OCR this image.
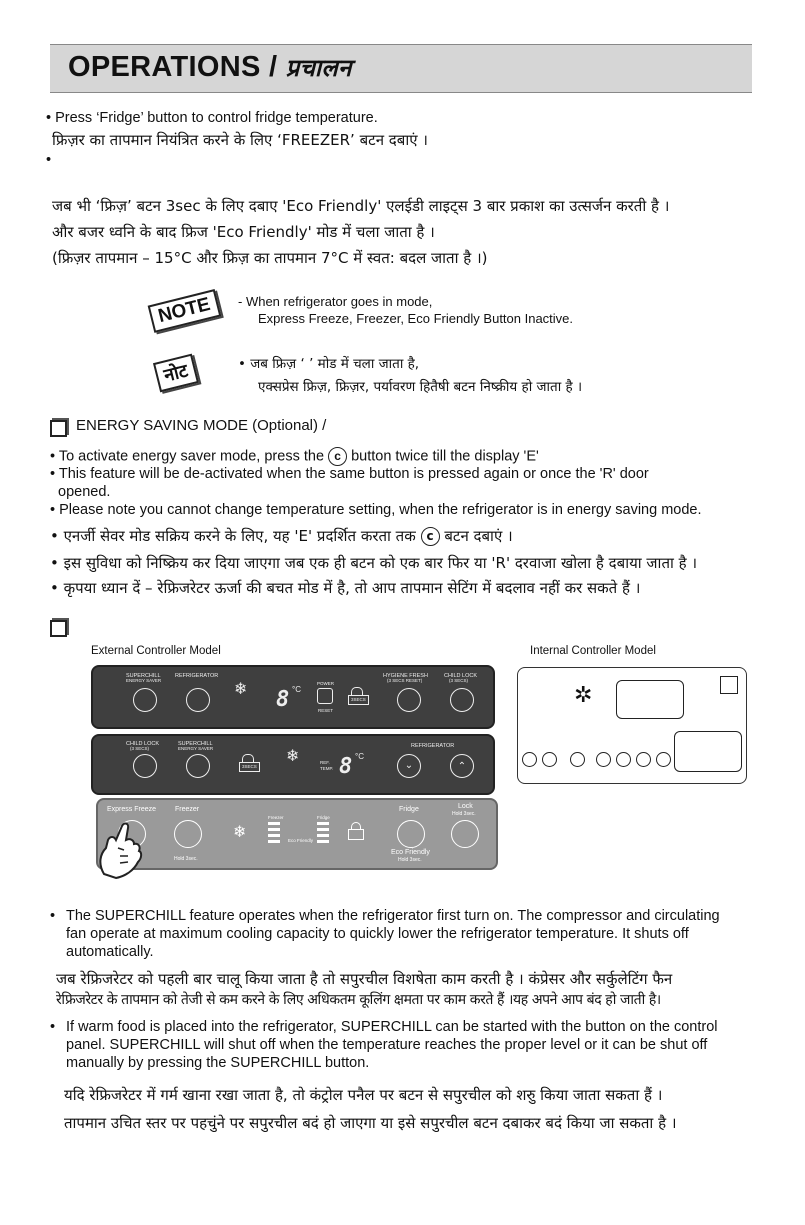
OPERATIONS / प्रचालन
• Press ‘Fridge’ button to control fridge temperature.
फ्रिज़र का तापमान नियंत्रित करने के लिए ‘FREEZER’ बटन दबाएं ।
•
जब भी ‘फ्रिज़’ बटन 3sec के लिए दबाए 'Eco Friendly' एलईडी लाइट्स 3 बार प्रकाश का उत्सर्जन करती है ।
और बजर ध्वनि के बाद फ्रिज 'Eco Friendly' मोड में चला जाता है ।
(फ्रिज़र तापमान – 15°C और फ्रिज़ का तापमान 7°C में स्वत: बदल जाता है ।)
NOTE	- When refrigerator goes in mode,
Express Freeze, Freezer, Eco Friendly Button Inactive.
नोट	• जब फ्रिज़ ‘ ’ मोड में चला जाता है,
एक्सप्रेस फ्रिज़, फ्रिज़र, पर्यावरण हितैषी बटन निष्क्रीय हो जाता है ।
ENERGY SAVING MODE (Optional) /
• To activate energy saver mode, press the c button twice till the display 'E'
• This feature will be de-activated when the same button is pressed again or once the 'R' door
opened.
• Please note you cannot change temperature setting, when the refrigerator is in energy saving mode.
• एनर्जी सेवर मोड सक्रिय करने के लिए, यह 'E' प्रदर्शित करता तक c बटन दबाएं ।
• इस सुविधा को निष्क्रिय कर दिया जाएगा जब एक ही बटन को एक बार फिर या 'R' दरवाजा खोला है दबाया जाता है ।
• कृपया ध्यान दें – रेफ्रिजरेटर ऊर्जा की बचत मोड में है, तो आप तापमान सेटिंग में बदलाव नहीं कर सकते हैं ।
External Controller Model	Internal Controller Model
SUPERCHILL
ENERGY SAVER
REFRIGERATOR
❄ 8 °C
POWER
RESET
3SECS
HYGIENE FRESH
(3 SECS RESET)
CHILD LOCK
(3 SECS)
CHILD LOCK
(3 SECS)
SUPERCHILL
ENERGY SAVER
3SECS
❄	REF. TEMP. 8 °C
REFRIGERATOR
⌄	⌃
Express Freeze	Freezer
Hold 3sec.
❄
Freezer
Eco Friendly
Fridge
Fridge
Eco Friendly
Hold 3sec.
Lock
Hold 3sec.
✲
• The SUPERCHILL feature operates when the refrigerator first turn on. The compressor and circulating
fan operate at maximum cooling capacity to quickly lower the refrigerator temperature. It shuts off
automatically.
जब रेफ्रिजरेटर को पहली बार चालू किया जाता है तो सपुरचील विशषेता काम करती है । कंप्रेसर और सर्कुलेटिंग फैन
रेफ्रिजरेटर के तापमान को तेजी से कम करने के लिए अधिकतम कूलिंग क्षमता पर काम करते हैं ।यह अपने आप बंद हो जाती है।
• If warm food is placed into the refrigerator, SUPERCHILL can be started with the button on the control
panel. SUPERCHILL will shut off when the temperature reaches the proper level or it can be shut off
manually by pressing the SUPERCHILL button.
यदि रेफ्रिजरेटर में गर्म खाना रखा जाता है, तो कंट्रोल पनैल पर बटन से सपुरचील को शरुु किया जाता सकता हैं ।
तापमान उचित स्तर पर पहचुंने पर सपुरचील बदं हो जाएगा या इसे सपुरचील बटन दबाकर बदं किया जा सकता है ।
